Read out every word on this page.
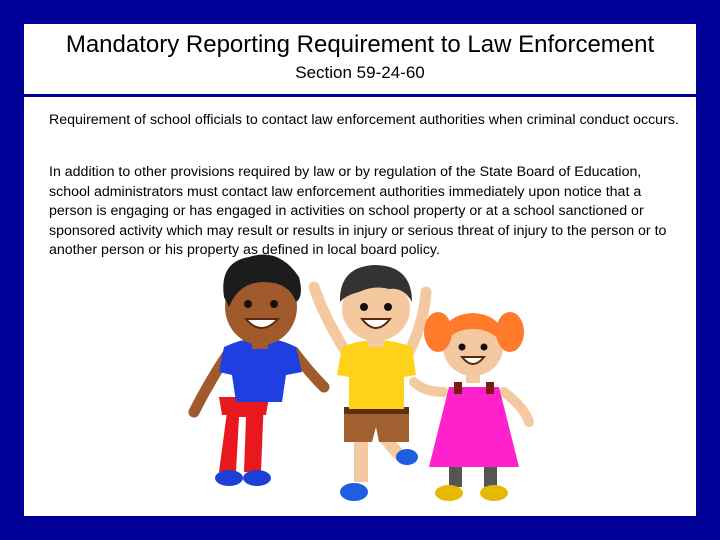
Mandatory Reporting Requirement to Law Enforcement
Section 59-24-60
Requirement of school officials to contact law enforcement authorities when criminal conduct occurs.
In addition to other provisions required by law or by regulation of the State Board of Education, school administrators must contact law enforcement authorities immediately upon notice that a person is engaging or has engaged in activities on school property or at a school sanctioned or sponsored activity which may result or results in injury or serious threat of injury to the person or to another person or his property as defined in local board policy.
